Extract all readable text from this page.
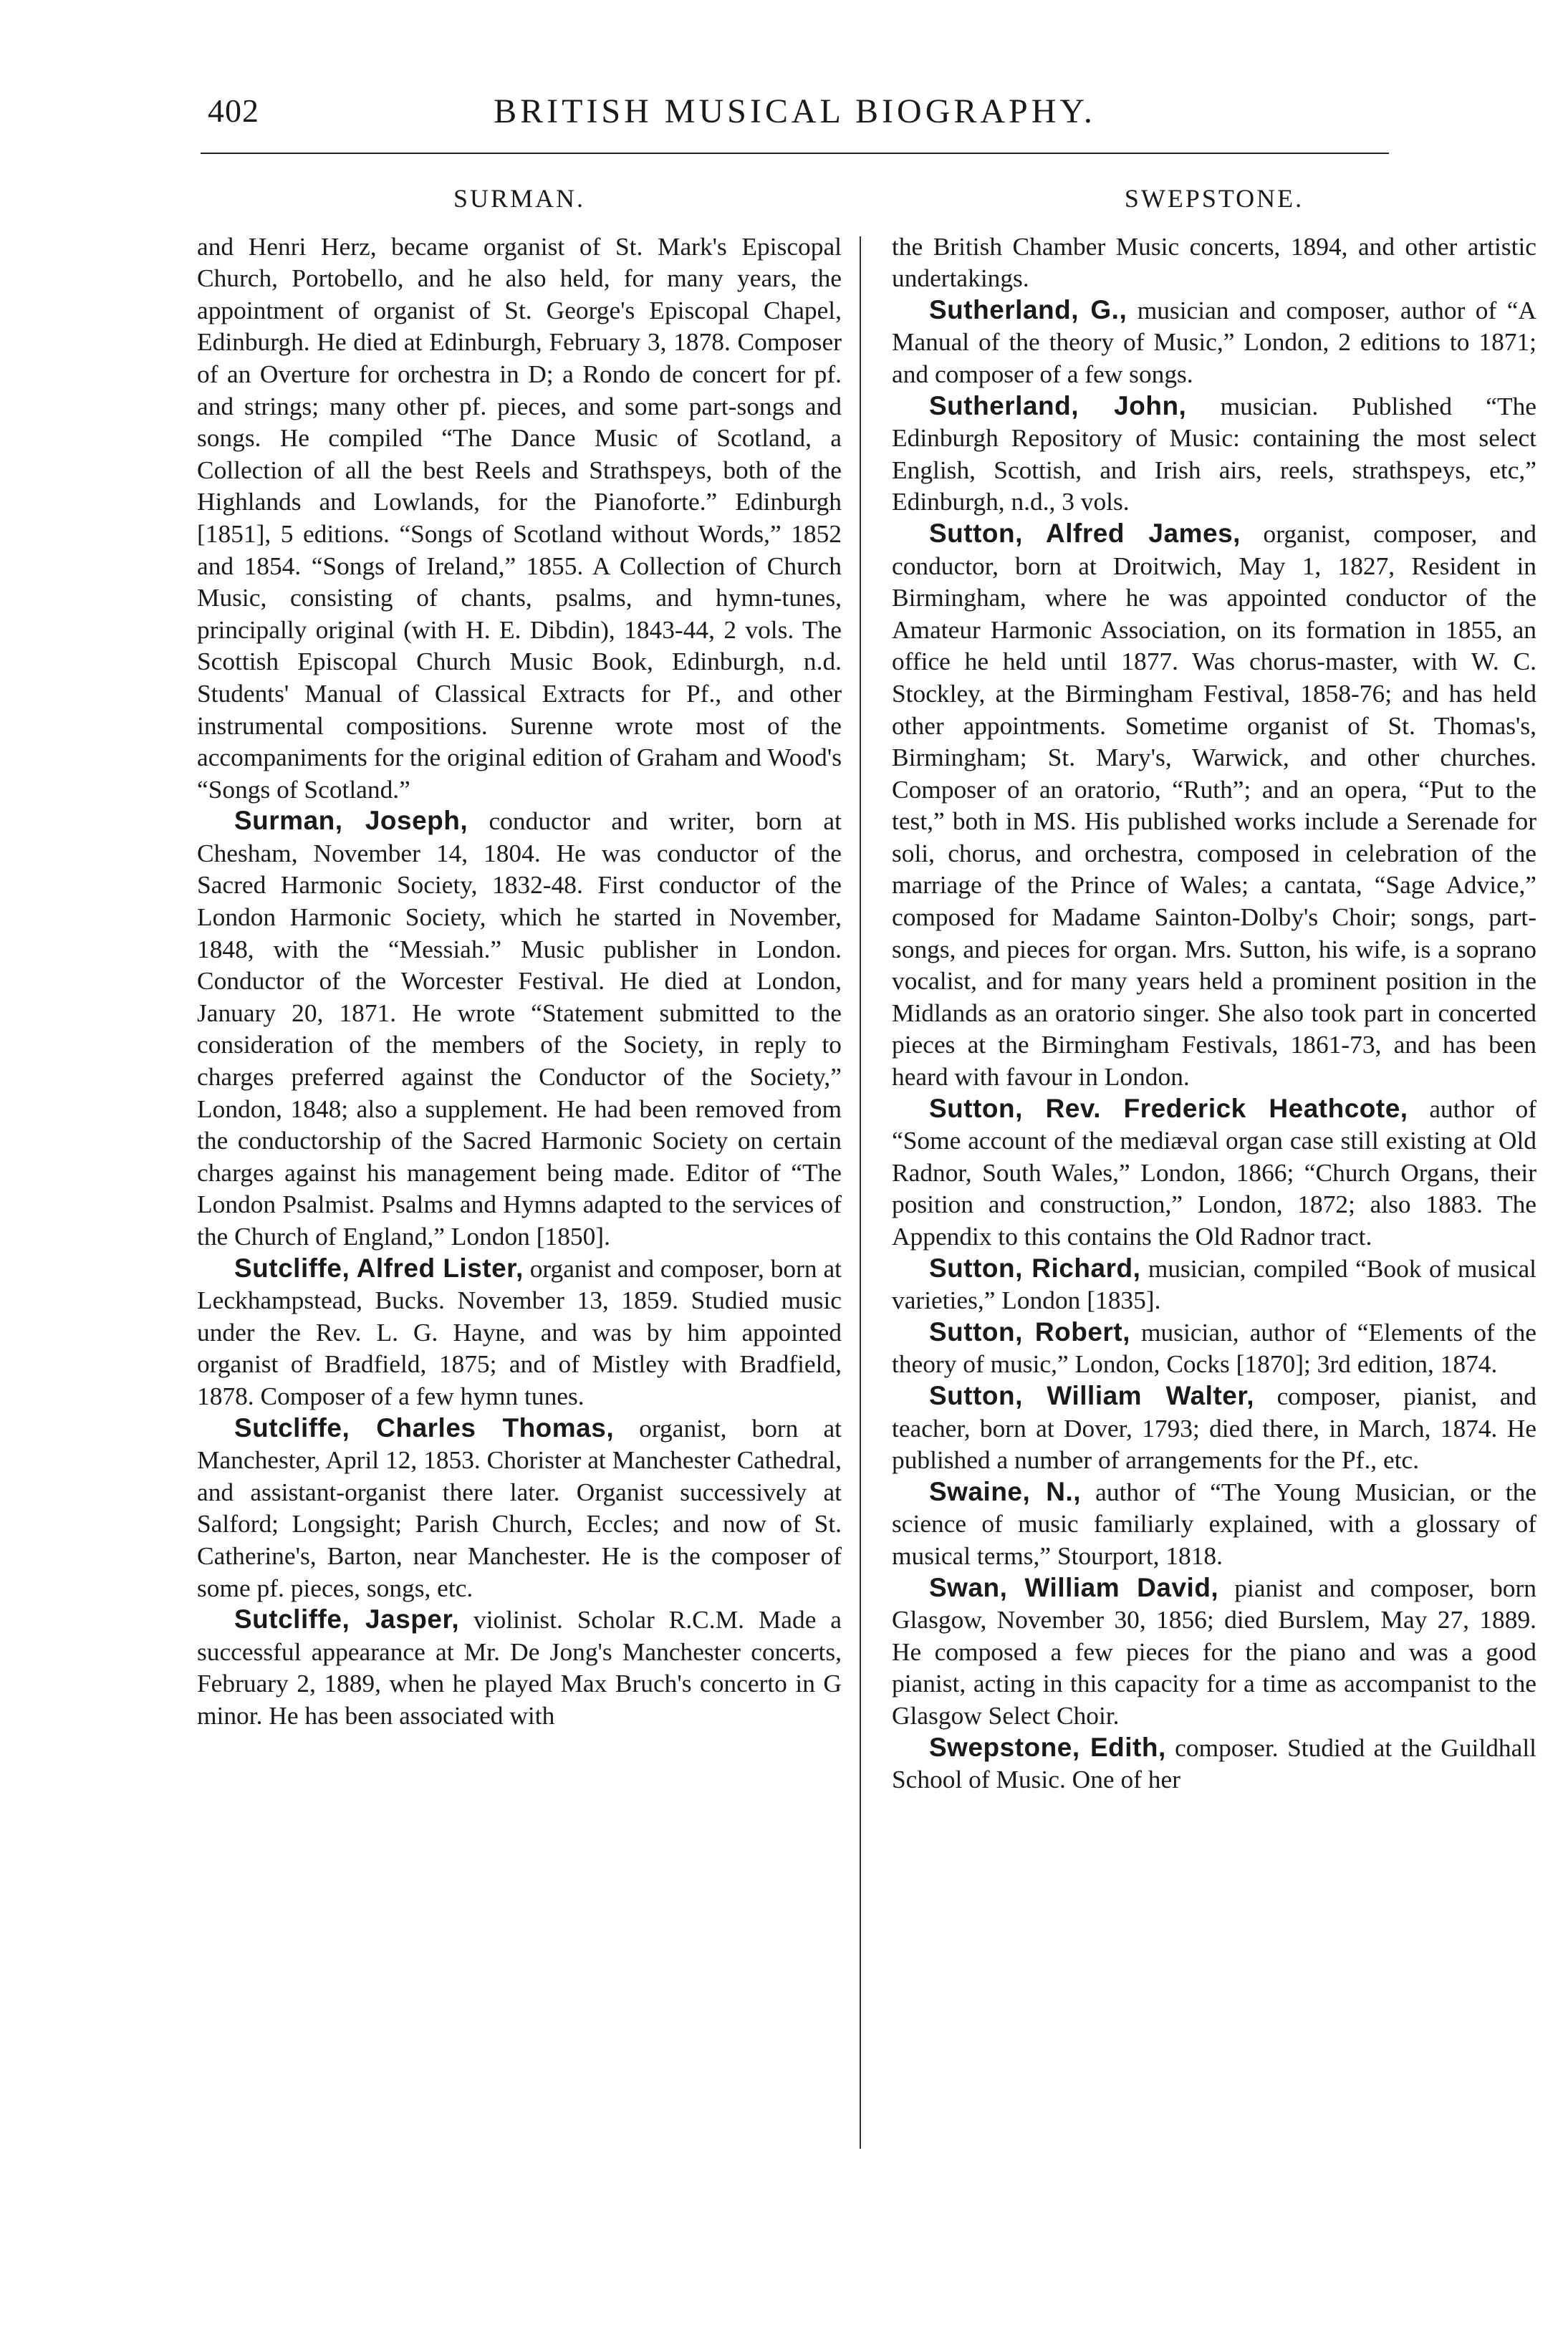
402	BRITISH MUSICAL BIOGRAPHY.
SURMAN.

and Henri Herz, became organist of St. Mark's Episcopal Church, Portobello, and he also held, for many years, the appointment of organist of St. George's Episcopal Chapel, Edinburgh. He died at Edinburgh, February 3, 1878. Composer of an Overture for orchestra in D; a Rondo de concert for pf. and strings; many other pf. pieces, and some part-songs and songs. He compiled “The Dance Music of Scotland, a Collection of all the best Reels and Strathspeys, both of the Highlands and Lowlands, for the Pianoforte.” Edinburgh [1851], 5 editions. “Songs of Scotland without Words,” 1852 and 1854. “Songs of Ireland,” 1855. A Collection of Church Music, consisting of chants, psalms, and hymn-tunes, principally original (with H. E. Dibdin), 1843-44, 2 vols. The Scottish Episcopal Church Music Book, Edinburgh, n.d. Students' Manual of Classical Extracts for Pf., and other instrumental compositions. Surenne wrote most of the accompaniments for the original edition of Graham and Wood's “Songs of Scotland.”

Surman, Joseph, conductor and writer, born at Chesham, November 14, 1804. He was conductor of the Sacred Harmonic Society, 1832-48. First conductor of the London Harmonic Society, which he started in November, 1848, with the “Messiah.” Music publisher in London. Conductor of the Worcester Festival. He died at London, January 20, 1871. He wrote “Statement submitted to the consideration of the members of the Society, in reply to charges preferred against the Conductor of the Society,” London, 1848; also a supplement. He had been removed from the conductorship of the Sacred Harmonic Society on certain charges against his management being made. Editor of “The London Psalmist. Psalms and Hymns adapted to the services of the Church of England,” London [1850].

Sutcliffe, Alfred Lister, organist and composer, born at Leckhampstead, Bucks. November 13, 1859. Studied music under the Rev. L. G. Hayne, and was by him appointed organist of Bradfield, 1875; and of Mistley with Bradfield, 1878. Composer of a few hymn tunes.

Sutcliffe, Charles Thomas, organist, born at Manchester, April 12, 1853. Chorister at Manchester Cathedral, and assistant-organist there later. Organist successively at Salford; Longsight; Parish Church, Eccles; and now of St. Catherine's, Barton, near Manchester. He is the composer of some pf. pieces, songs, etc.

Sutcliffe, Jasper, violinist. Scholar R.C.M. Made a successful appearance at Mr. De Jong's Manchester concerts, February 2, 1889, when he played Max Bruch's concerto in G minor. He has been associated with

SWEPSTONE.

the British Chamber Music concerts, 1894, and other artistic undertakings.

Sutherland, G., musician and composer, author of “A Manual of the theory of Music,” London, 2 editions to 1871; and composer of a few songs.

Sutherland, John, musician. Published “The Edinburgh Repository of Music: containing the most select English, Scottish, and Irish airs, reels, strathspeys, etc,” Edinburgh, n.d., 3 vols.

Sutton, Alfred James, organist, composer, and conductor, born at Droitwich, May 1, 1827, Resident in Birmingham, where he was appointed conductor of the Amateur Harmonic Association, on its formation in 1855, an office he held until 1877. Was chorus-master, with W. C. Stockley, at the Birmingham Festival, 1858-76; and has held other appointments. Sometime organist of St. Thomas's, Birmingham; St. Mary's, Warwick, and other churches. Composer of an oratorio, “Ruth”; and an opera, “Put to the test,” both in MS. His published works include a Serenade for soli, chorus, and orchestra, composed in celebration of the marriage of the Prince of Wales; a cantata, “Sage Advice,” composed for Madame Sainton-Dolby's Choir; songs, part-songs, and pieces for organ. Mrs. Sutton, his wife, is a soprano vocalist, and for many years held a prominent position in the Midlands as an oratorio singer. She also took part in concerted pieces at the Birmingham Festivals, 1861-73, and has been heard with favour in London.

Sutton, Rev. Frederick Heathcote, author of “Some account of the mediæval organ case still existing at Old Radnor, South Wales,” London, 1866; “Church Organs, their position and construction,” London, 1872; also 1883. The Appendix to this contains the Old Radnor tract.

Sutton, Richard, musician, compiled “Book of musical varieties,” London [1835].

Sutton, Robert, musician, author of “Elements of the theory of music,” London, Cocks [1870]; 3rd edition, 1874.

Sutton, William Walter, composer, pianist, and teacher, born at Dover, 1793; died there, in March, 1874. He published a number of arrangements for the Pf., etc.

Swaine, N., author of “The Young Musician, or the science of music familiarly explained, with a glossary of musical terms,” Stourport, 1818.

Swan, William David, pianist and composer, born Glasgow, November 30, 1856; died Burslem, May 27, 1889. He composed a few pieces for the piano and was a good pianist, acting in this capacity for a time as accompanist to the Glasgow Select Choir.

Swepstone, Edith, composer. Studied at the Guildhall School of Music. One of her
